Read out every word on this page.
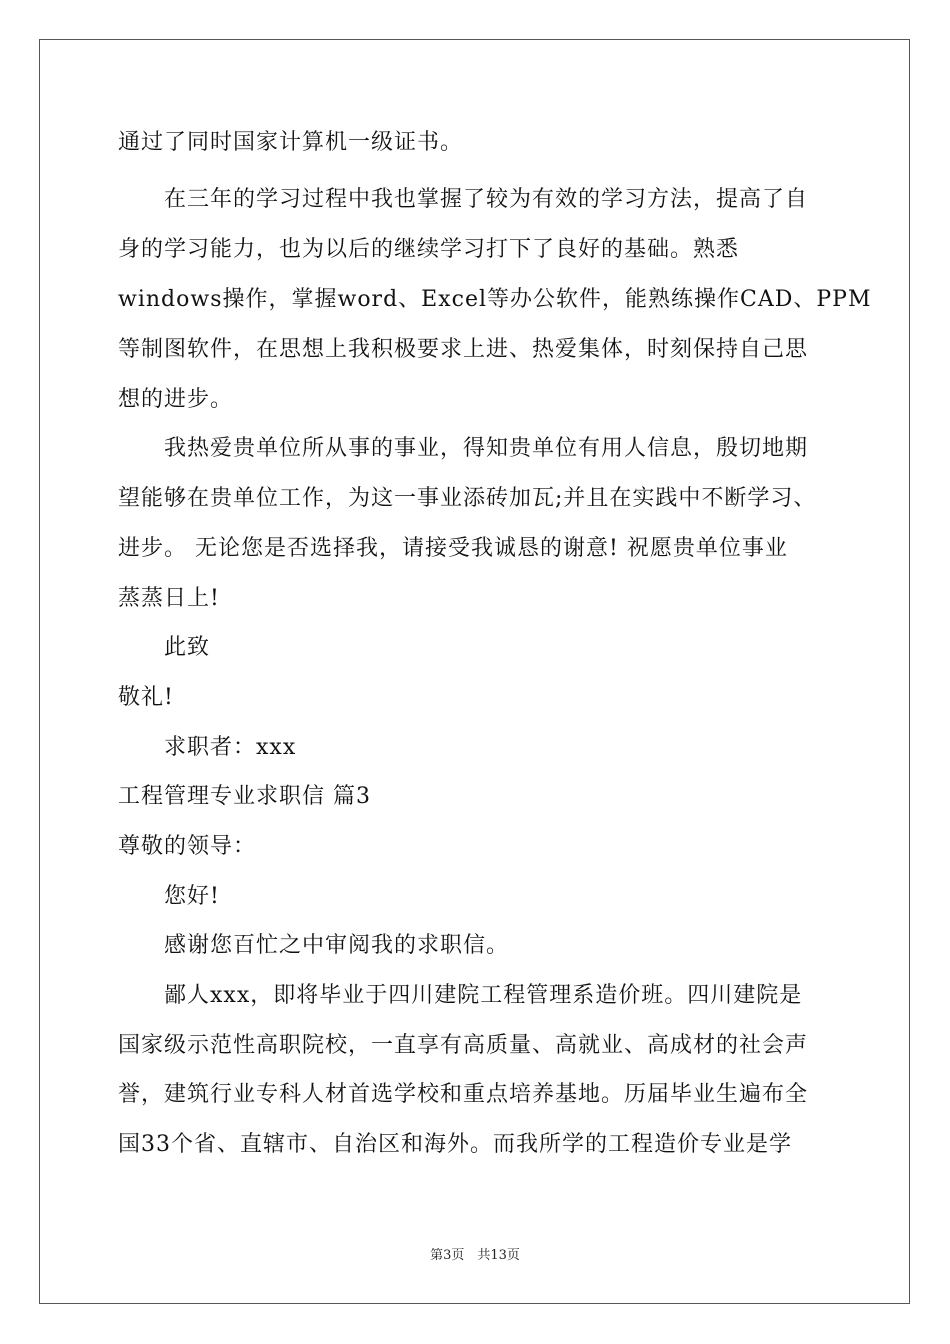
通过了同时国家计算机一级证书。
在三年的学习过程中我也掌握了较为有效的学习方法，提高了自
身的学习能力，也为以后的继续学习打下了良好的基础。熟悉
windows操作，掌握word、Excel等办公软件，能熟练操作CAD、PPM
等制图软件，在思想上我积极要求上进、热爱集体，时刻保持自己思
想的进步。
我热爱贵单位所从事的事业，得知贵单位有用人信息，殷切地期
望能够在贵单位工作，为这一事业添砖加瓦;并且在实践中不断学习、
进步。 无论您是否选择我，请接受我诚恳的谢意! 祝愿贵单位事业
蒸蒸日上!
此致
敬礼!
求职者：xxx
工程管理专业求职信 篇3
尊敬的领导：
您好!
感谢您百忙之中审阅我的求职信。
鄙人xxx，即将毕业于四川建院工程管理系造价班。四川建院是
国家级示范性高职院校，一直享有高质量、高就业、高成材的社会声
誉，建筑行业专科人材首选学校和重点培养基地。历届毕业生遍布全
国33个省、直辖市、自治区和海外。而我所学的工程造价专业是学
第3页　共13页
